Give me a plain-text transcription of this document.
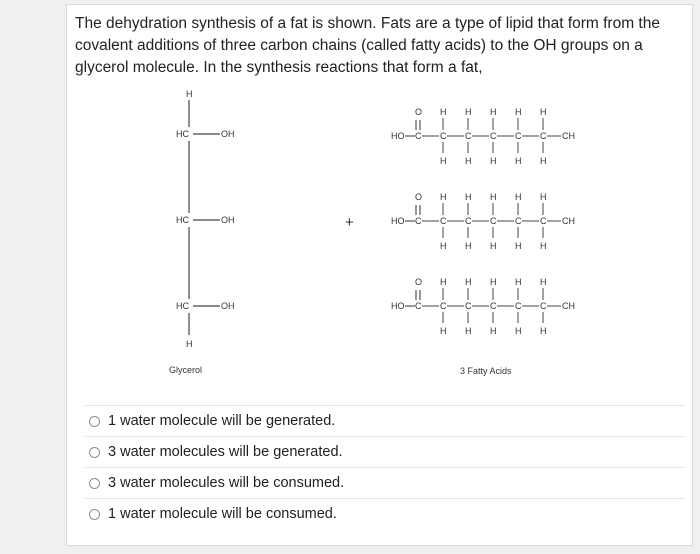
The dehydration synthesis of a fat is shown. Fats are a type of lipid that form from the covalent additions of three carbon chains (called fatty acids) to the OH groups on a glycerol molecule. In the synthesis reactions that form a fat,
H
HC	OH
HC	OH
HC	OH
H
Glycerol
+
HO
O
C
H
C
H
H
C
H
H
C
H
H
C
H
H
C
H
CH
HO
O
C
H
C
H
H
C
H
H
C
H
H
C
H
H
C
H
CH
HO
O
C
H
C
H
H
C
H
H
C
H
H
C
H
H
C
H
CH
3 Fatty Acids
1 water molecule will be generated.
3 water molecules will be generated.
3 water molecules will be consumed.
1 water molecule will be consumed.
